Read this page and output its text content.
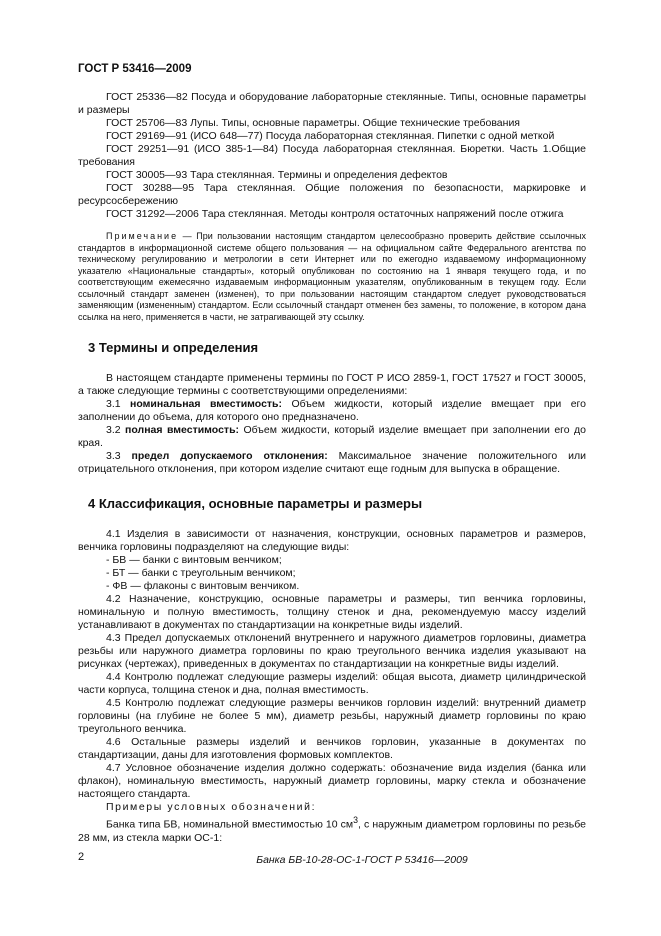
ГОСТ Р 53416—2009

ГОСТ 25336—82 Посуда и оборудование лабораторные стеклянные. Типы, основные параметры и размеры

ГОСТ 25706—83 Лупы. Типы, основные параметры. Общие технические требования

ГОСТ 29169—91 (ИСО 648—77) Посуда лабораторная стеклянная. Пипетки с одной меткой

ГОСТ 29251—91 (ИСО 385-1—84) Посуда лабораторная стеклянная. Бюретки. Часть 1.Общие требования

ГОСТ 30005—93 Тара стеклянная. Термины и определения дефектов

ГОСТ 30288—95 Тара стеклянная. Общие положения по безопасности, маркировке и ресурсосбережению

ГОСТ 31292—2006 Тара стеклянная. Методы контроля остаточных напряжений после отжига

Примечание — При пользовании настоящим стандартом целесообразно проверить действие ссылочных стандартов в информационной системе общего пользования — на официальном сайте Федерального агентства по техническому регулированию и метрологии в сети Интернет или по ежегодно издаваемому информационному указателю «Национальные стандарты», который опубликован по состоянию на 1 января текущего года, и по соответствующим ежемесячно издаваемым информационным указателям, опубликованным в текущем году. Если ссылочный стандарт заменен (изменен), то при пользовании настоящим стандартом следует руководствоваться заменяющим (измененным) стандартом. Если ссылочный стандарт отменен без замены, то положение, в котором дана ссылка на него, применяется в части, не затрагивающей эту ссылку.

3 Термины и определения

В настоящем стандарте применены термины по ГОСТ Р ИСО 2859-1, ГОСТ 17527 и ГОСТ 30005, а также следующие термины с соответствующими определениями:

3.1 номинальная вместимость: Объем жидкости, который изделие вмещает при его заполнении до объема, для которого оно предназначено.

3.2 полная вместимость: Объем жидкости, который изделие вмещает при заполнении его до края.

3.3 предел допускаемого отклонения: Максимальное значение положительного или отрицательного отклонения, при котором изделие считают еще годным для выпуска в обращение.

4 Классификация, основные параметры и размеры

4.1 Изделия в зависимости от назначения, конструкции, основных параметров и размеров, венчика горловины подразделяют на следующие виды:

- БВ — банки с винтовым венчиком;

- БТ — банки с треугольным венчиком;

- ФВ — флаконы с винтовым венчиком.

4.2 Назначение, конструкцию, основные параметры и размеры, тип венчика горловины, номинальную и полную вместимость, толщину стенок и дна, рекомендуемую массу изделий устанавливают в документах по стандартизации на конкретные виды изделий.

4.3 Предел допускаемых отклонений внутреннего и наружного диаметров горловины, диаметра резьбы или наружного диаметра горловины по краю треугольного венчика изделия указывают на рисунках (чертежах), приведенных в документах по стандартизации на конкретные виды изделий.

4.4 Контролю подлежат следующие размеры изделий: общая высота, диаметр цилиндрической части корпуса, толщина стенок и дна, полная вместимость.

4.5 Контролю подлежат следующие размеры венчиков горловин изделий: внутренний диаметр горловины (на глубине не более 5 мм), диаметр резьбы, наружный диаметр горловины по краю треугольного венчика.

4.6 Остальные размеры изделий и венчиков горловин, указанные в документах по стандартизации, даны для изготовления формовых комплектов.

4.7 Условное обозначение изделия должно содержать: обозначение вида изделия (банка или флакон), номинальную вместимость, наружный диаметр горловины, марку стекла и обозначение настоящего стандарта.

Примеры условных обозначений:

Банка типа БВ, номинальной вместимостью 10 $см^3$, с наружным диаметром горловины по резьбе 28 мм, из стекла марки ОС-1:

Банка БВ-10-28-ОС-1-ГОСТ Р 53416—2009

2
